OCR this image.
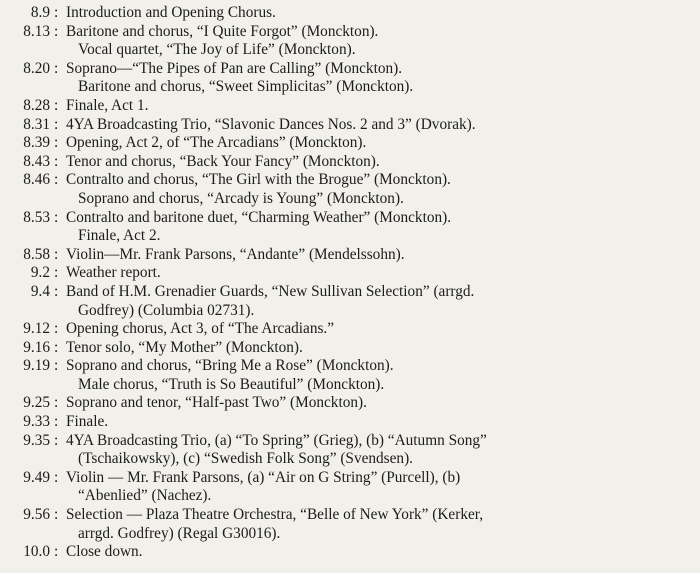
8.9 : Introduction and Opening Chorus.
8.13 : Baritone and chorus, “I Quite Forgot” (Monckton).
Vocal quartet, “The Joy of Life” (Monckton).
8.20 : Soprano—“The Pipes of Pan are Calling” (Monckton).
Baritone and chorus, “Sweet Simplicitas” (Monckton).
8.28 : Finale, Act 1.
8.31 : 4YA Broadcasting Trio, “Slavonic Dances Nos. 2 and 3” (Dvorak).
8.39 : Opening, Act 2, of “The Arcadians” (Monckton).
8.43 : Tenor and chorus, “Back Your Fancy” (Monckton).
8.46 : Contralto and chorus, “The Girl with the Brogue” (Monckton).
Soprano and chorus, “Arcady is Young” (Monckton).
8.53 : Contralto and baritone duet, “Charming Weather” (Monckton).
Finale, Act 2.
8.58 : Violin—Mr. Frank Parsons, “Andante” (Mendelssohn).
9.2 : Weather report.
9.4 : Band of H.M. Grenadier Guards, “New Sullivan Selection” (arrgd.
Godfrey) (Columbia 02731).
9.12 : Opening chorus, Act 3, of “The Arcadians.”
9.16 : Tenor solo, “My Mother” (Monckton).
9.19 : Soprano and chorus, “Bring Me a Rose” (Monckton).
Male chorus, “Truth is So Beautiful” (Monckton).
9.25 : Soprano and tenor, “Half-past Two” (Monckton).
9.33 : Finale.
9.35 : 4YA Broadcasting Trio, (a) “To Spring” (Grieg), (b) “Autumn Song”
(Tschaikowsky), (c) “Swedish Folk Song” (Svendsen).
9.49 : Violin — Mr. Frank Parsons, (a) “Air on G String” (Purcell), (b)
“Abenlied” (Nachez).
9.56 : Selection — Plaza Theatre Orchestra, “Belle of New York” (Kerker,
arrgd. Godfrey) (Regal G30016).
10.0 : Close down.
